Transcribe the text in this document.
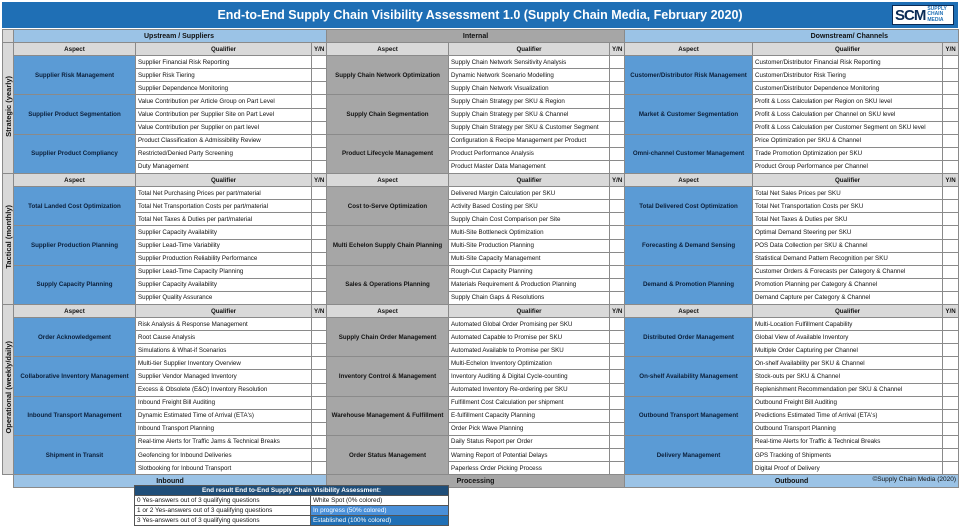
End-to-End Supply Chain Visibility Assessment 1.0 (Supply Chain Media, February 2020)	SCM SUPPLY
CHAIN
MEDIA
	Upstream / Suppliers			Internal			Downstream/ Channels		
Strategic (yearly)	Aspect	Qualifier	Y/N	Aspect	Qualifier	Y/N	Aspect	Qualifier	Y/N
	Supplier Risk Management	Supplier Financial Risk Reporting		Supply Chain Network Optimization	Supply Chain Network Sensitivity Analysis		Customer/Distributor Risk Management	Customer/Distributor Financial Risk Reporting	
		Supplier Risk Tiering			Dynamic Network Scenario Modelling			Customer/Distributor Risk Tiering	
		Supplier Dependence Monitoring			Supply Chain Network Visualization			Customer/Distributor Dependence Monitoring	
	Supplier Product Segmentation	Value Contribution per Article Group on Part Level		Supply Chain Segmentation	Supply Chain Strategy per SKU & Region		Market & Customer Segmentation	Profit & Loss Calculation per Region on SKU level	
		Value Contribution per Supplier Site on Part Level			Supply Chain Strategy per SKU & Channel			Profit & Loss Calculation per Channel on SKU level	
		Value Contribution per Supplier on part level			Supply Chain Strategy per SKU & Customer Segment			Profit & Loss Calculation per Customer Segment on SKU level	
	Supplier Product Compliancy	Product Classification & Admissibility Review		Product Lifecycle Management	Configuration & Recipe Management per Product		Omni-channel Customer Management	Price Optimization per SKU & Channel	
		Restricted/Denied Party Screening			Product Performance Analysis			Trade Promotion Optimization per SKU	
		Duty Management			Product Master Data Management			Product Group Performance per Channel	
Tactical (monthly)	Aspect	Qualifier	Y/N	Aspect	Qualifier	Y/N	Aspect	Qualifier	Y/N
	Total Landed Cost Optimization	Total Net Purchasing Prices per part/material		Cost to-Serve Optimization	Delivered Margin Calculation per SKU		Total Delivered Cost Optimization	Total Net Sales Prices per SKU	
		Total Net Transportation Costs per part/material			Activity Based Costing per SKU			Total Net Transportation Costs per SKU	
		Total Net Taxes & Duties per part/material			Supply Chain Cost Comparison per Site			Total Net Taxes & Duties per SKU	
	Supplier Production Planning	Supplier Capacity Availability		Multi Echelon Supply Chain Planning	Multi-Site Bottleneck Optimization		Forecasting & Demand Sensing	Optimal Demand Steering per SKU	
		Supplier Lead-Time Variability			Multi-Site Production Planning			POS Data Collection per SKU & Channel	
		Supplier Production Reliability Performance			Multi-Site Capacity Management			Statistical Demand Pattern Recognition per SKU	
	Supply Capacity Planning	Supplier Lead-Time Capacity Planning		Sales & Operations Planning	Rough-Cut Capacity Planning		Demand & Promotion Planning	Customer Orders & Forecasts per Category & Channel	
		Supplier Capacity Availability			Materials Requirement & Production Planning			Promotion Planning per Category & Channel	
		Supplier Quality Assurance			Supply Chain Gaps & Resolutions			Demand Capture per Category & Channel	
Operational (weekly/daily)	Aspect	Qualifier	Y/N	Aspect	Qualifier	Y/N	Aspect	Qualifier	Y/N
	Order Acknowledgement	Risk Analysis & Response Management		Supply Chain Order Management	Automated Global Order Promising per SKU		Distributed Order Management	Multi-Location Fulfillment Capability	
		Root Cause Analysis			Automated Capable to Promise per SKU			Global View of Available Inventory	
		Simulations & What-if Scenarios			Automated Available to Promise per SKU			Multiple Order Capturing per Channel	
	Collaborative Inventory Management	Multi-tier Supplier Inventory Overview		Inventory Control & Management	Multi-Echelon Inventory Optimization		On-shelf Availability Management	On-shelf Availability per SKU & Channel	
		Supplier Vendor Managed Inventory			Inventory Auditing & Digital Cycle-counting			Stock-outs per SKU & Channel	
		Excess & Obsolete (E&O) Inventory Resolution			Automated Inventory Re-ordering per SKU			Replenishment Recommendation per SKU & Channel	
	Inbound Transport Management	Inbound Freight Bill Auditing		Warehouse Management & Fulfillment	Fulfillment Cost Calculation per shipment		Outbound Transport Management	Outbound Freight Bill Auditing	
		Dynamic Estimated Time of Arrival (ETA's)			E-fulfillment Capacity Planning			Predictions Estimated Time of Arrival (ETA's)	
		Inbound Transport Planning			Order Pick Wave Planning			Outbound Transport Planning	
	Shipment in Transit	Real-time Alerts for Traffic Jams & Technical Breaks		Order Status Management	Daily Status Report per Order		Delivery Management	Real-time Alerts for Traffic & Technical Breaks	
		Geofencing for Inbound Deliveries			Warning Report of Potential Delays			GPS Tracking of Shipments	
		Slotbooking for Inbound Transport			Paperless Order Picking Process			Digital Proof of Delivery	
	Inbound			Processing			Outbound			©Supply Chain Media (2020)
End result End to-End Supply Chain Visibility Assessment:	
0 Yes-answers out of 3 qualifying questions	White Spot (0% colored)
1 or 2 Yes-answers out of 3 qualifying questions	In progress (50% colored)
3 Yes-answers out of 3 qualifying questions	Established (100% colored)
